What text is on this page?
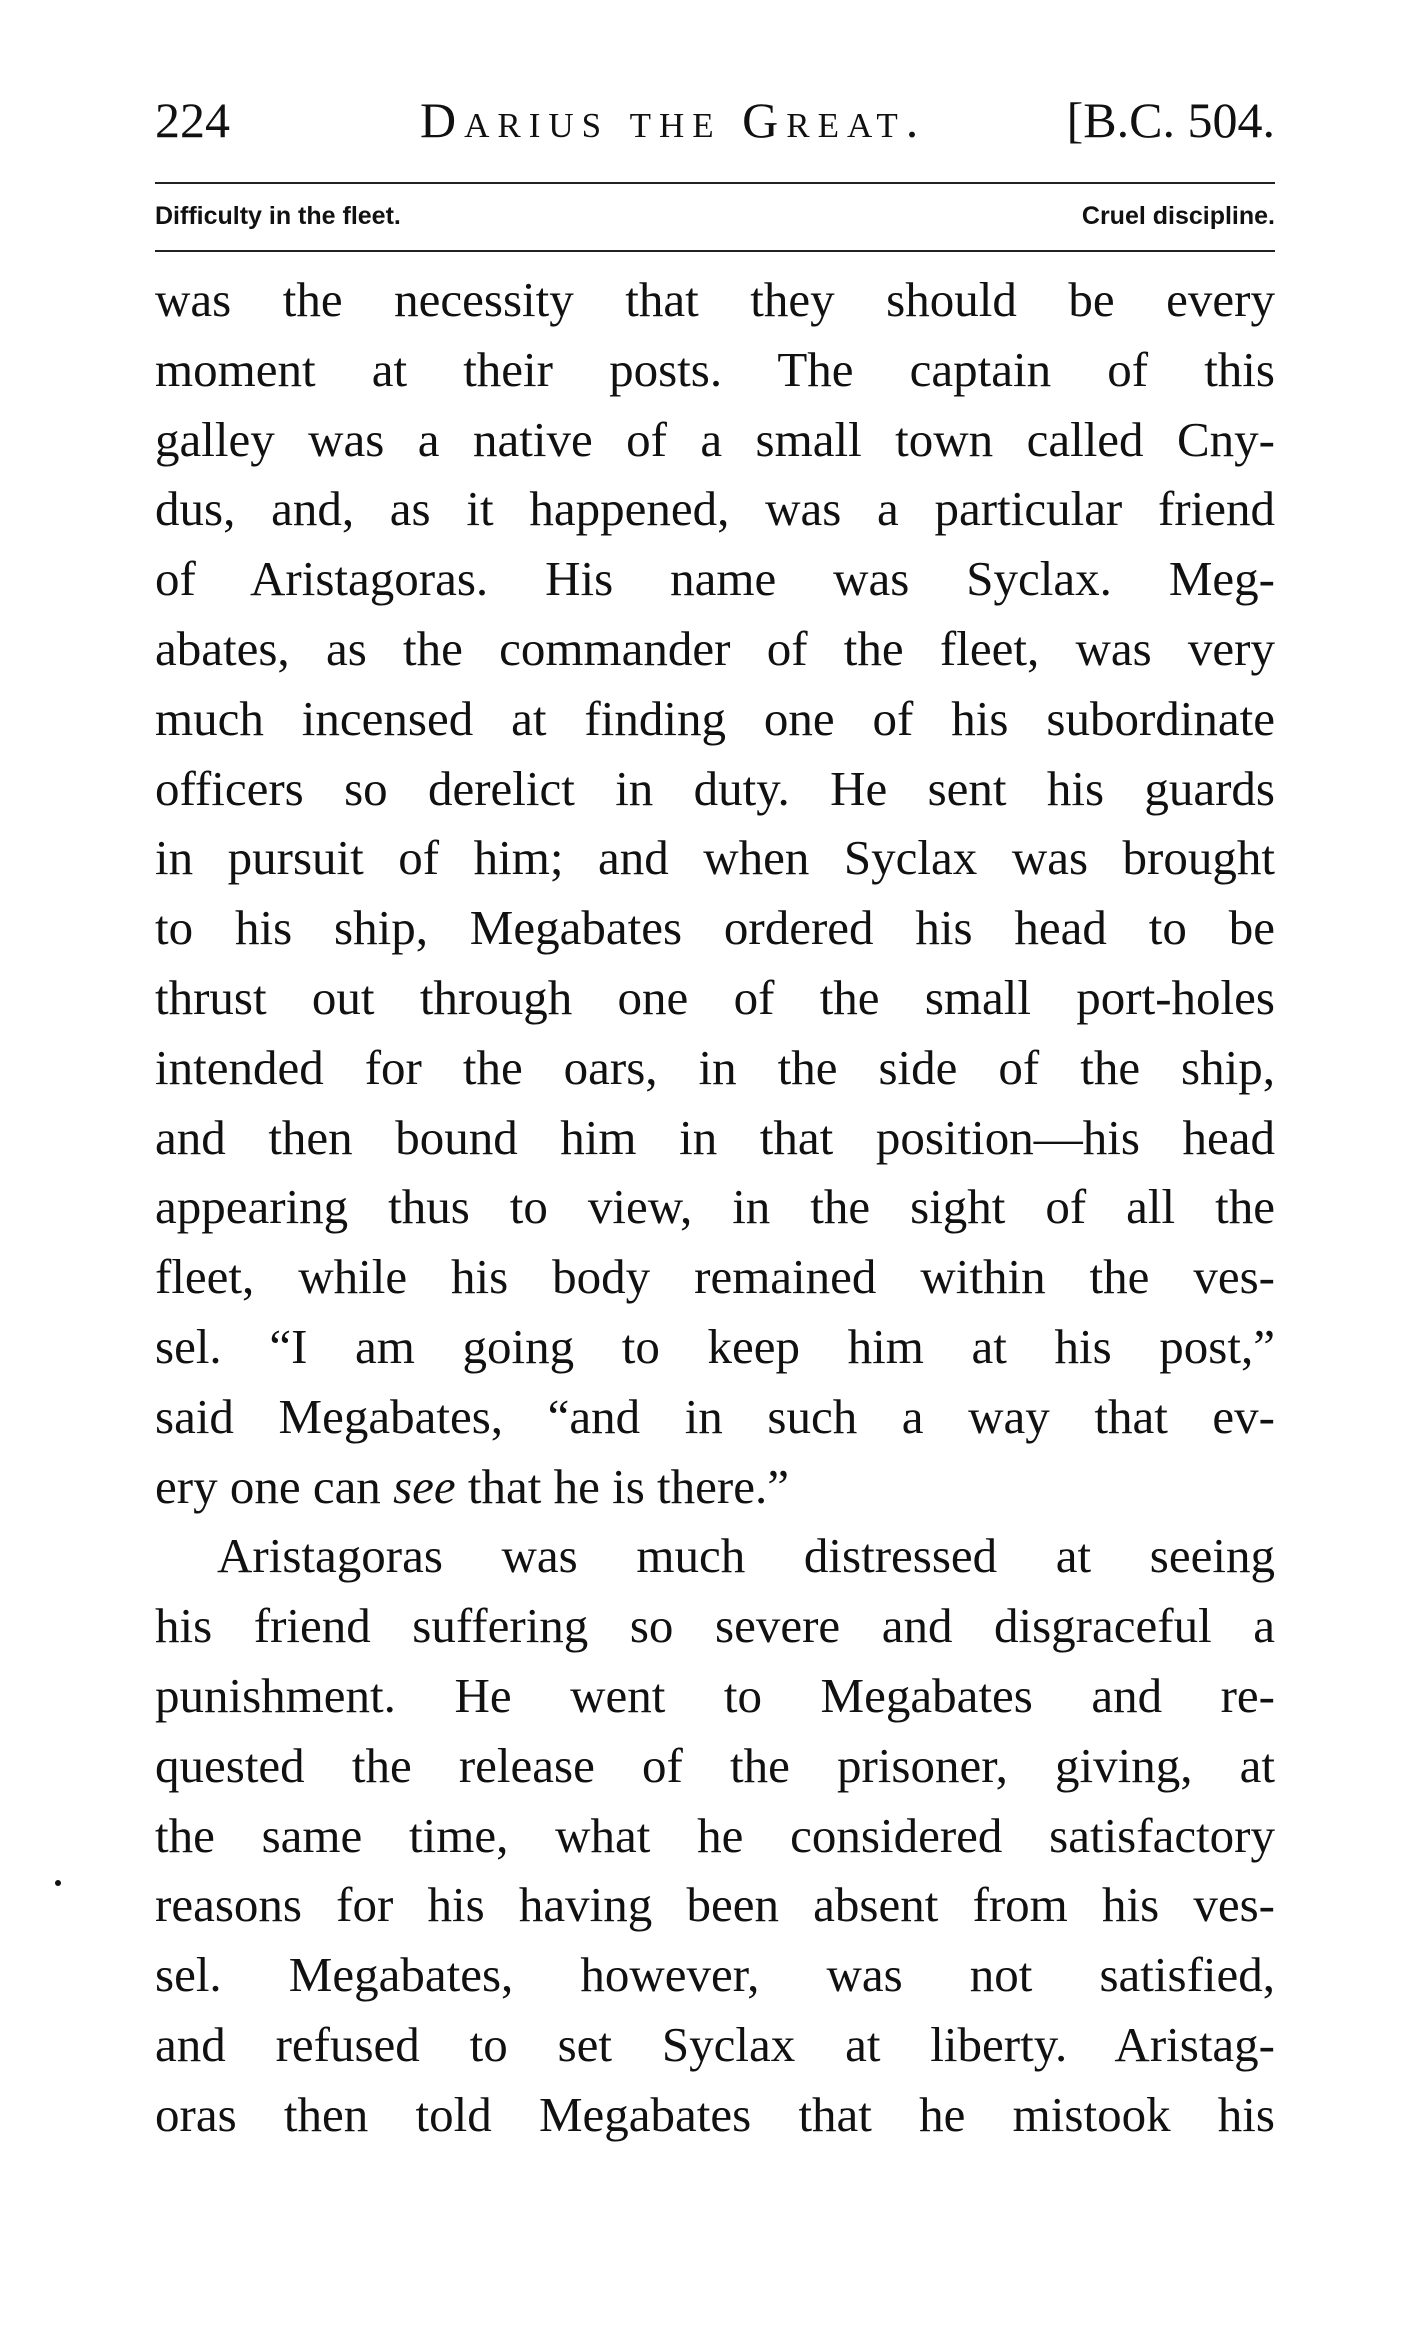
224	Darius the Great.	[B.C. 504.
Difficulty in the fleet.	Cruel discipline.
was the necessity that they should be every
moment at their posts. The captain of this
galley was a native of a small town called Cny-
dus, and, as it happened, was a particular friend
of Aristagoras. His name was Syclax. Meg-
abates, as the commander of the fleet, was very
much incensed at finding one of his subordinate
officers so derelict in duty. He sent his guards
in pursuit of him; and when Syclax was brought
to his ship, Megabates ordered his head to be
thrust out through one of the small port-holes
intended for the oars, in the side of the ship,
and then bound him in that position—his head
appearing thus to view, in the sight of all the
fleet, while his body remained within the ves-
sel. “I am going to keep him at his post,”
said Megabates, “and in such a way that ev-
ery one can see that he is there.”
Aristagoras was much distressed at seeing
his friend suffering so severe and disgraceful a
punishment. He went to Megabates and re-
quested the release of the prisoner, giving, at
the same time, what he considered satisfactory
reasons for his having been absent from his ves-
sel. Megabates, however, was not satisfied,
and refused to set Syclax at liberty. Aristag-
oras then told Megabates that he mistook his
